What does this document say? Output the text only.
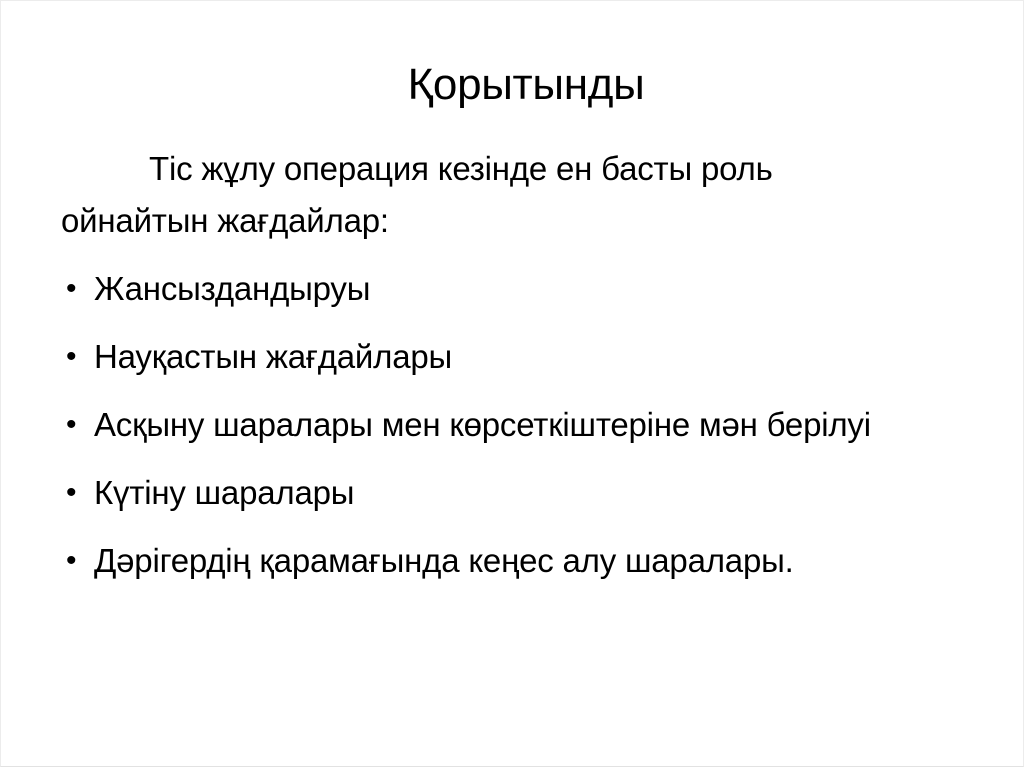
Қорытынды

Тіс жұлу операция кезінде ен басты роль ойнайтын жағдайлар:

• Жансыздандыруы
• Науқастын жағдайлары
• Асқыну шаралары мен көрсеткіштеріне мән берілуі
• Күтіну шаралары
• Дәрігердің қарамағында кеңес алу шаралары.
